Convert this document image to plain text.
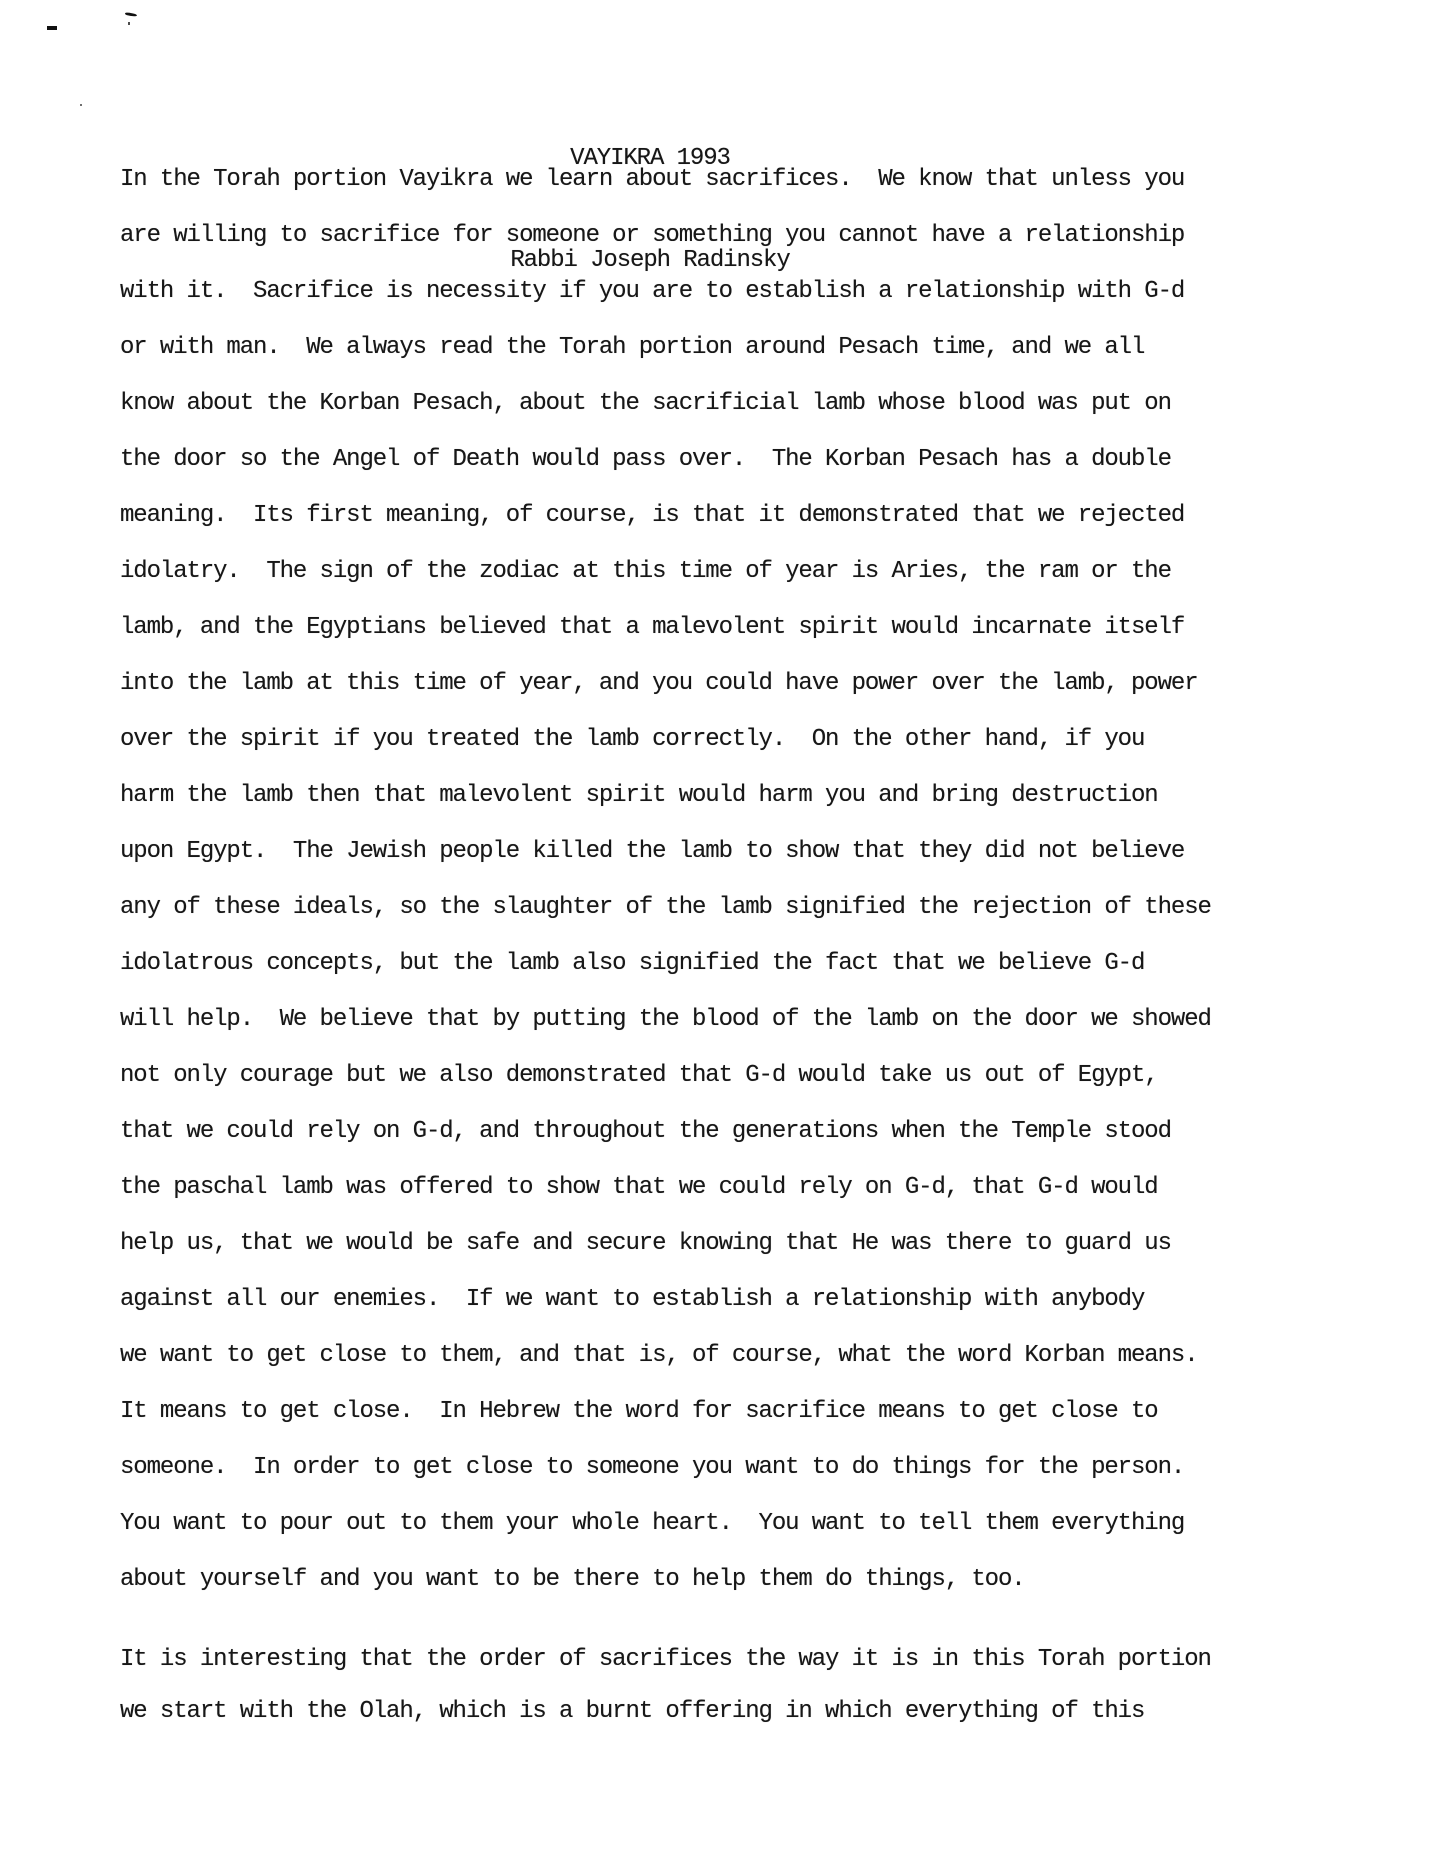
VAYIKRA 1993

Rabbi Joseph Radinsky

In the Torah portion Vayikra we learn about sacrifices.  We know that unless you
are willing to sacrifice for someone or something you cannot have a relationship
with it.  Sacrifice is necessity if you are to establish a relationship with G-d
or with man.  We always read the Torah portion around Pesach time, and we all
know about the Korban Pesach, about the sacrificial lamb whose blood was put on
the door so the Angel of Death would pass over.  The Korban Pesach has a double
meaning.  Its first meaning, of course, is that it demonstrated that we rejected
idolatry.  The sign of the zodiac at this time of year is Aries, the ram or the
lamb, and the Egyptians believed that a malevolent spirit would incarnate itself
into the lamb at this time of year, and you could have power over the lamb, power
over the spirit if you treated the lamb correctly.  On the other hand, if you
harm the lamb then that malevolent spirit would harm you and bring destruction
upon Egypt.  The Jewish people killed the lamb to show that they did not believe
any of these ideals, so the slaughter of the lamb signified the rejection of these
idolatrous concepts, but the lamb also signified the fact that we believe G-d
will help.  We believe that by putting the blood of the lamb on the door we showed
not only courage but we also demonstrated that G-d would take us out of Egypt,
that we could rely on G-d, and throughout the generations when the Temple stood
the paschal lamb was offered to show that we could rely on G-d, that G-d would
help us, that we would be safe and secure knowing that He was there to guard us
against all our enemies.  If we want to establish a relationship with anybody
we want to get close to them, and that is, of course, what the word Korban means.
It means to get close.  In Hebrew the word for sacrifice means to get close to
someone.  In order to get close to someone you want to do things for the person.
You want to pour out to them your whole heart.  You want to tell them everything
about yourself and you want to be there to help them do things, too.
It is interesting that the order of sacrifices the way it is in this Torah portion
we start with the Olah, which is a burnt offering in which everything of this
